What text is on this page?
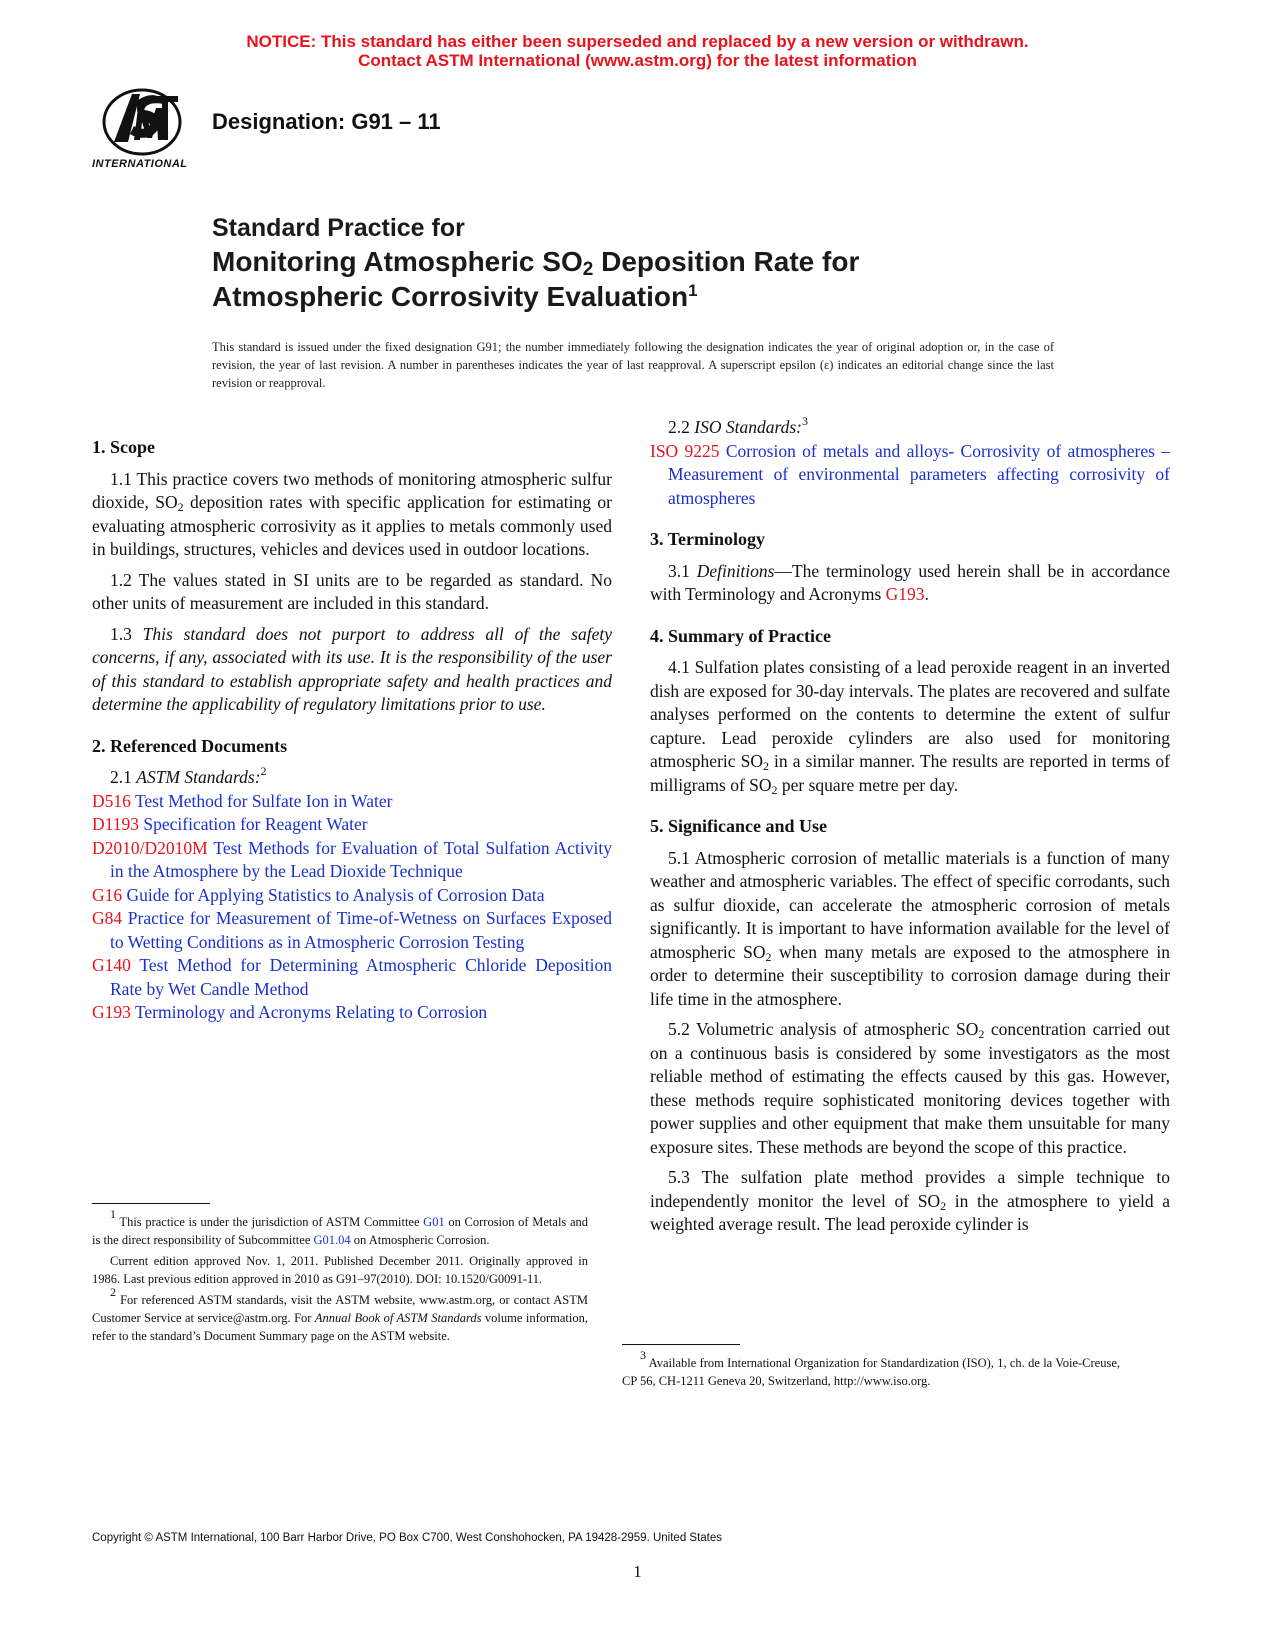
NOTICE: This standard has either been superseded and replaced by a new version or withdrawn.
Contact ASTM International (www.astm.org) for the latest information
INTERNATIONAL
Designation: G91 – 11
Standard Practice for
Monitoring Atmospheric $SO_2$ Deposition Rate for
Atmospheric Corrosivity Evaluation$^1$
This standard is issued under the fixed designation G91; the number immediately following the designation indicates the year of original adoption or, in the case of revision, the year of last revision. A number in parentheses indicates the year of last reapproval. A superscript epsilon (ε) indicates an editorial change since the last revision or reapproval.
1. Scope

1.1 This practice covers two methods of monitoring atmospheric sulfur dioxide, $SO_2$ deposition rates with specific application for estimating or evaluating atmospheric corrosivity as it applies to metals commonly used in buildings, structures, vehicles and devices used in outdoor locations.

1.2 The values stated in SI units are to be regarded as standard. No other units of measurement are included in this standard.

1.3 This standard does not purport to address all of the safety concerns, if any, associated with its use. It is the responsibility of the user of this standard to establish appropriate safety and health practices and determine the applicability of regulatory limitations prior to use.

2. Referenced Documents

2.1 ASTM Standards:$^2$

D516 Test Method for Sulfate Ion in Water

D1193 Specification for Reagent Water

D2010/D2010M Test Methods for Evaluation of Total Sulfation Activity in the Atmosphere by the Lead Dioxide Technique

G16 Guide for Applying Statistics to Analysis of Corrosion Data

G84 Practice for Measurement of Time-of-Wetness on Surfaces Exposed to Wetting Conditions as in Atmospheric Corrosion Testing

G140 Test Method for Determining Atmospheric Chloride Deposition Rate by Wet Candle Method

G193 Terminology and Acronyms Relating to Corrosion

$^1$ This practice is under the jurisdiction of ASTM Committee G01 on Corrosion of Metals and is the direct responsibility of Subcommittee G01.04 on Atmospheric Corrosion.

Current edition approved Nov. 1, 2011. Published December 2011. Originally approved in 1986. Last previous edition approved in 2010 as G91–97(2010). DOI: 10.1520/G0091-11.

$^2$ For referenced ASTM standards, visit the ASTM website, www.astm.org, or contact ASTM Customer Service at service@astm.org. For Annual Book of ASTM Standards volume information, refer to the standard’s Document Summary page on the ASTM website.

2.2 ISO Standards:$^3$

ISO 9225 Corrosion of metals and alloys- Corrosivity of atmospheres – Measurement of environmental parameters affecting corrosivity of atmospheres

3. Terminology

3.1 Definitions—The terminology used herein shall be in accordance with Terminology and Acronyms G193.

4. Summary of Practice

4.1 Sulfation plates consisting of a lead peroxide reagent in an inverted dish are exposed for 30-day intervals. The plates are recovered and sulfate analyses performed on the contents to determine the extent of sulfur capture. Lead peroxide cylinders are also used for monitoring atmospheric $SO_2$ in a similar manner. The results are reported in terms of milligrams of $SO_2$ per square metre per day.

5. Significance and Use

5.1 Atmospheric corrosion of metallic materials is a function of many weather and atmospheric variables. The effect of specific corrodants, such as sulfur dioxide, can accelerate the atmospheric corrosion of metals significantly. It is important to have information available for the level of atmospheric $SO_2$ when many metals are exposed to the atmosphere in order to determine their susceptibility to corrosion damage during their life time in the atmosphere.

5.2 Volumetric analysis of atmospheric $SO_2$ concentration carried out on a continuous basis is considered by some investigators as the most reliable method of estimating the effects caused by this gas. However, these methods require sophisticated monitoring devices together with power supplies and other equipment that make them unsuitable for many exposure sites. These methods are beyond the scope of this practice.

5.3 The sulfation plate method provides a simple technique to independently monitor the level of $SO_2$ in the atmosphere to yield a weighted average result. The lead peroxide cylinder is

$^3$ Available from International Organization for Standardization (ISO), 1, ch. de la Voie-Creuse, CP 56, CH-1211 Geneva 20, Switzerland, http://www.iso.org.

Copyright © ASTM International, 100 Barr Harbor Drive, PO Box C700, West Conshohocken, PA 19428-2959. United States
1
